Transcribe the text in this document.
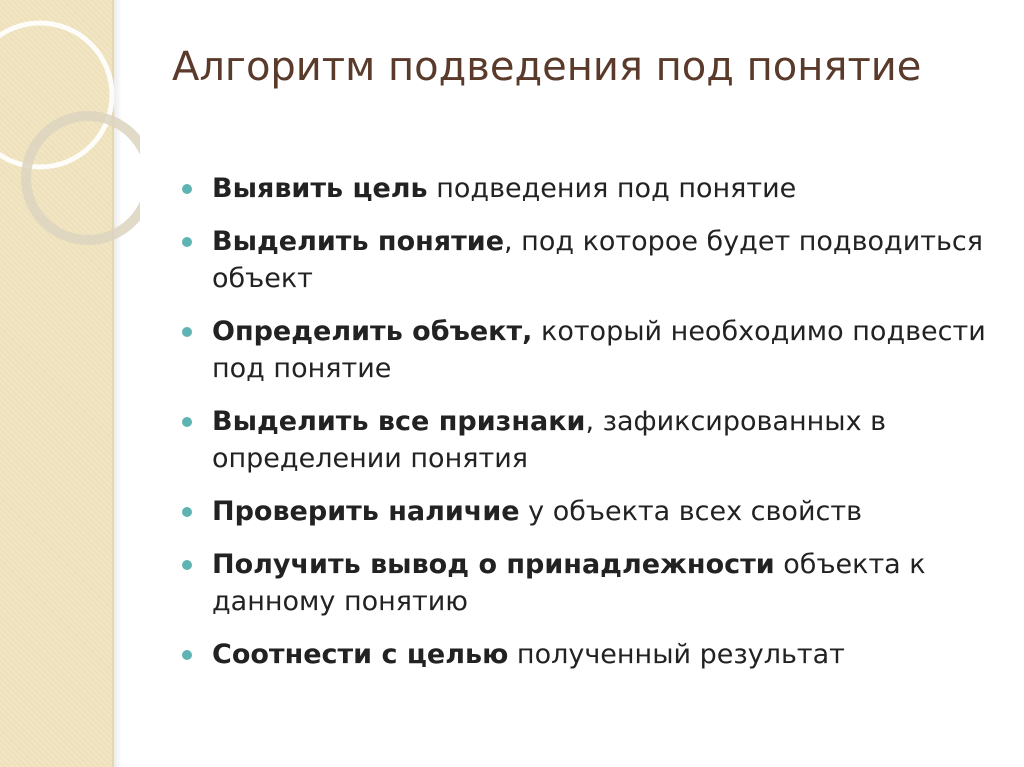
Алгоритм подведения под понятие
Выявить цель подведения под понятие
Выделить понятие, под которое будет подводиться объект
Определить объект, который необходимо подвести под понятие
Выделить все признаки, зафиксированных в определении понятия
Проверить наличие у объекта всех свойств
Получить вывод о принадлежности объекта к данному понятию
Соотнести с целью полученный результат
